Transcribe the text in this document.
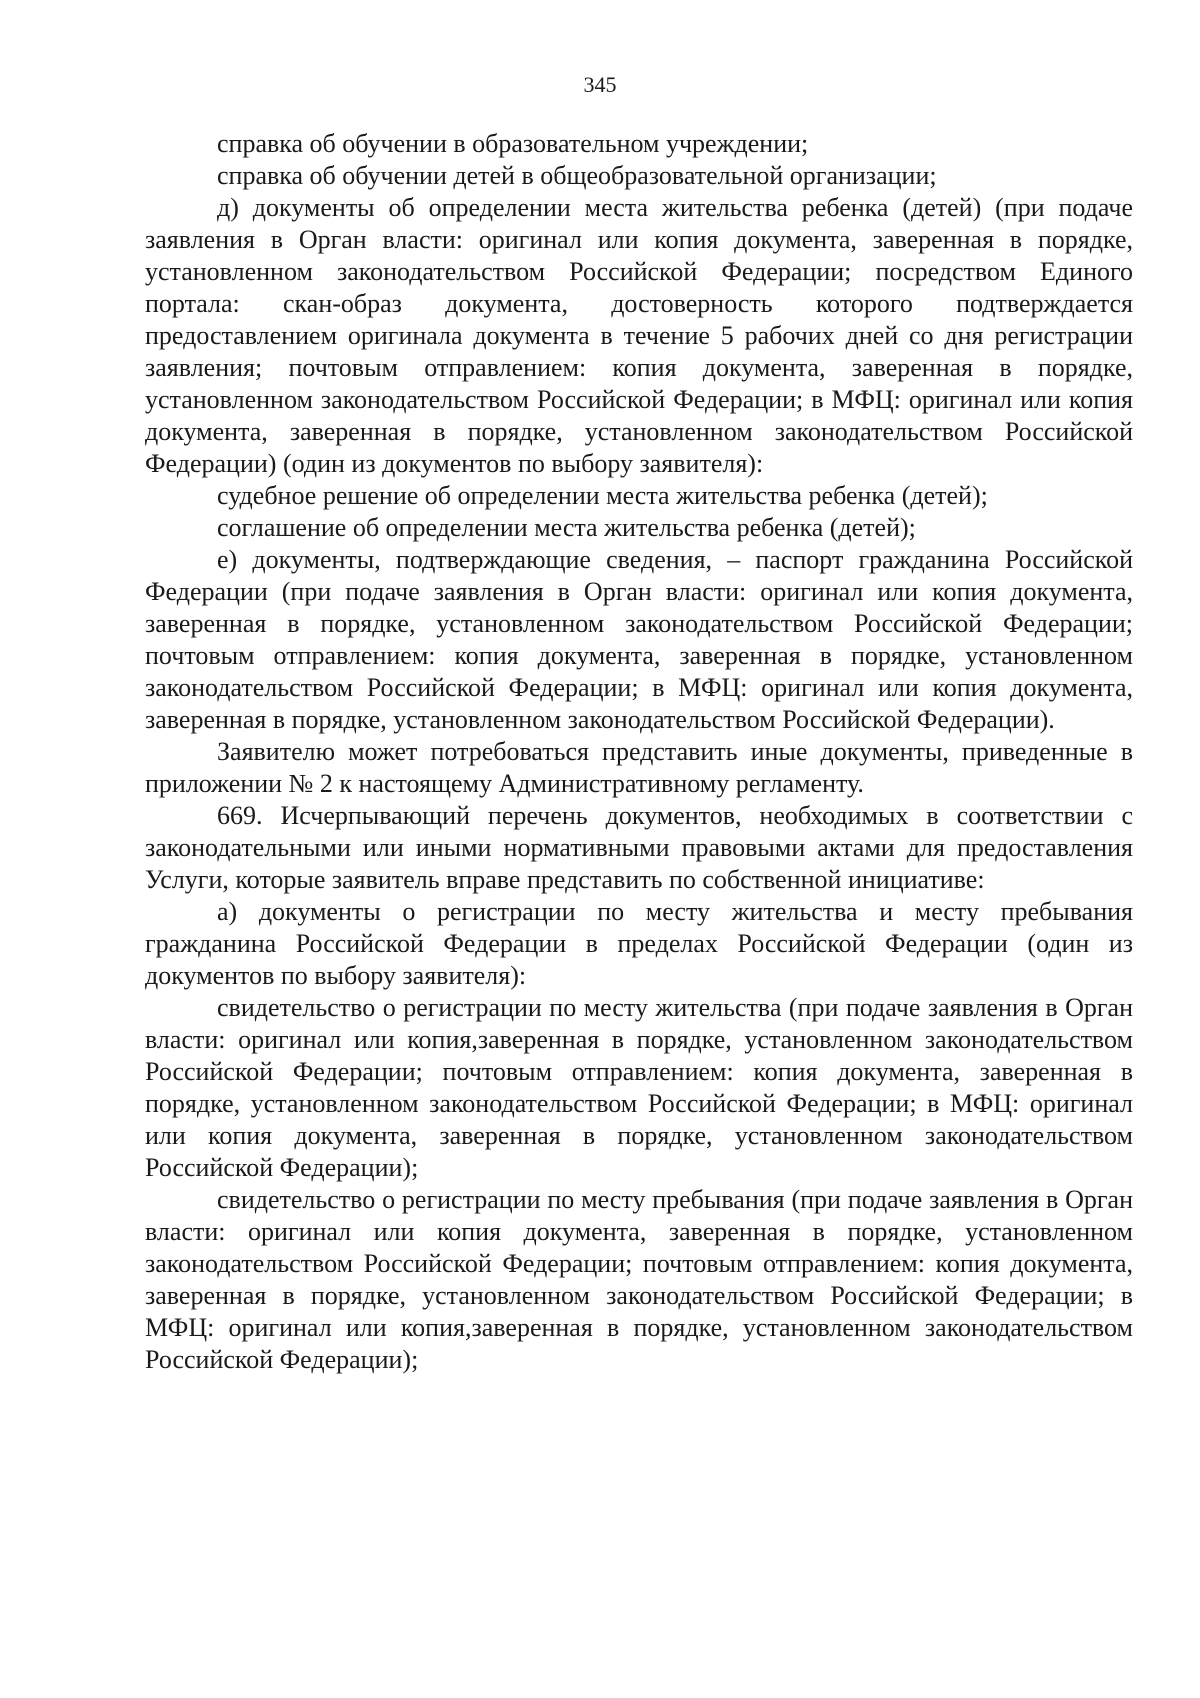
345

справка об обучении в образовательном учреждении;

справка об обучении детей в общеобразовательной организации;

д) документы об определении места жительства ребенка (детей) (при подаче заявления в Орган власти: оригинал или копия документа, заверенная в порядке, установленном законодательством Российской Федерации; посредством Единого портала: скан-образ документа, достоверность которого подтверждается предоставлением оригинала документа в течение 5 рабочих дней со дня регистрации заявления; почтовым отправлением: копия документа, заверенная в порядке, установленном законодательством Российской Федерации; в МФЦ: оригинал или копия документа, заверенная в порядке, установленном законодательством Российской Федерации) (один из документов по выбору заявителя):

судебное решение об определении места жительства ребенка (детей);

соглашение об определении места жительства ребенка (детей);

е) документы, подтверждающие сведения, – паспорт гражданина Российской Федерации (при подаче заявления в Орган власти: оригинал или копия документа, заверенная в порядке, установленном законодательством Российской Федерации; почтовым отправлением: копия документа, заверенная в порядке, установленном законодательством Российской Федерации; в МФЦ: оригинал или копия документа, заверенная в порядке, установленном законодательством Российской Федерации).

Заявителю может потребоваться представить иные документы, приведенные в приложении № 2 к настоящему Административному регламенту.

669. Исчерпывающий перечень документов, необходимых в соответствии с законодательными или иными нормативными правовыми актами для предоставления Услуги, которые заявитель вправе представить по собственной инициативе:

а) документы о регистрации по месту жительства и месту пребывания гражданина Российской Федерации в пределах Российской Федерации (один из документов по выбору заявителя):

свидетельство о регистрации по месту жительства (при подаче заявления в Орган власти: оригинал или копия,заверенная в порядке, установленном законодательством Российской Федерации; почтовым отправлением: копия документа, заверенная в порядке, установленном законодательством Российской Федерации; в МФЦ: оригинал или копия документа, заверенная в порядке, установленном законодательством Российской Федерации);

свидетельство о регистрации по месту пребывания (при подаче заявления в Орган власти: оригинал или копия документа, заверенная в порядке, установленном законодательством Российской Федерации; почтовым отправлением: копия документа, заверенная в порядке, установленном законодательством Российской Федерации; в МФЦ: оригинал или копия,заверенная в порядке, установленном законодательством Российской Федерации);
